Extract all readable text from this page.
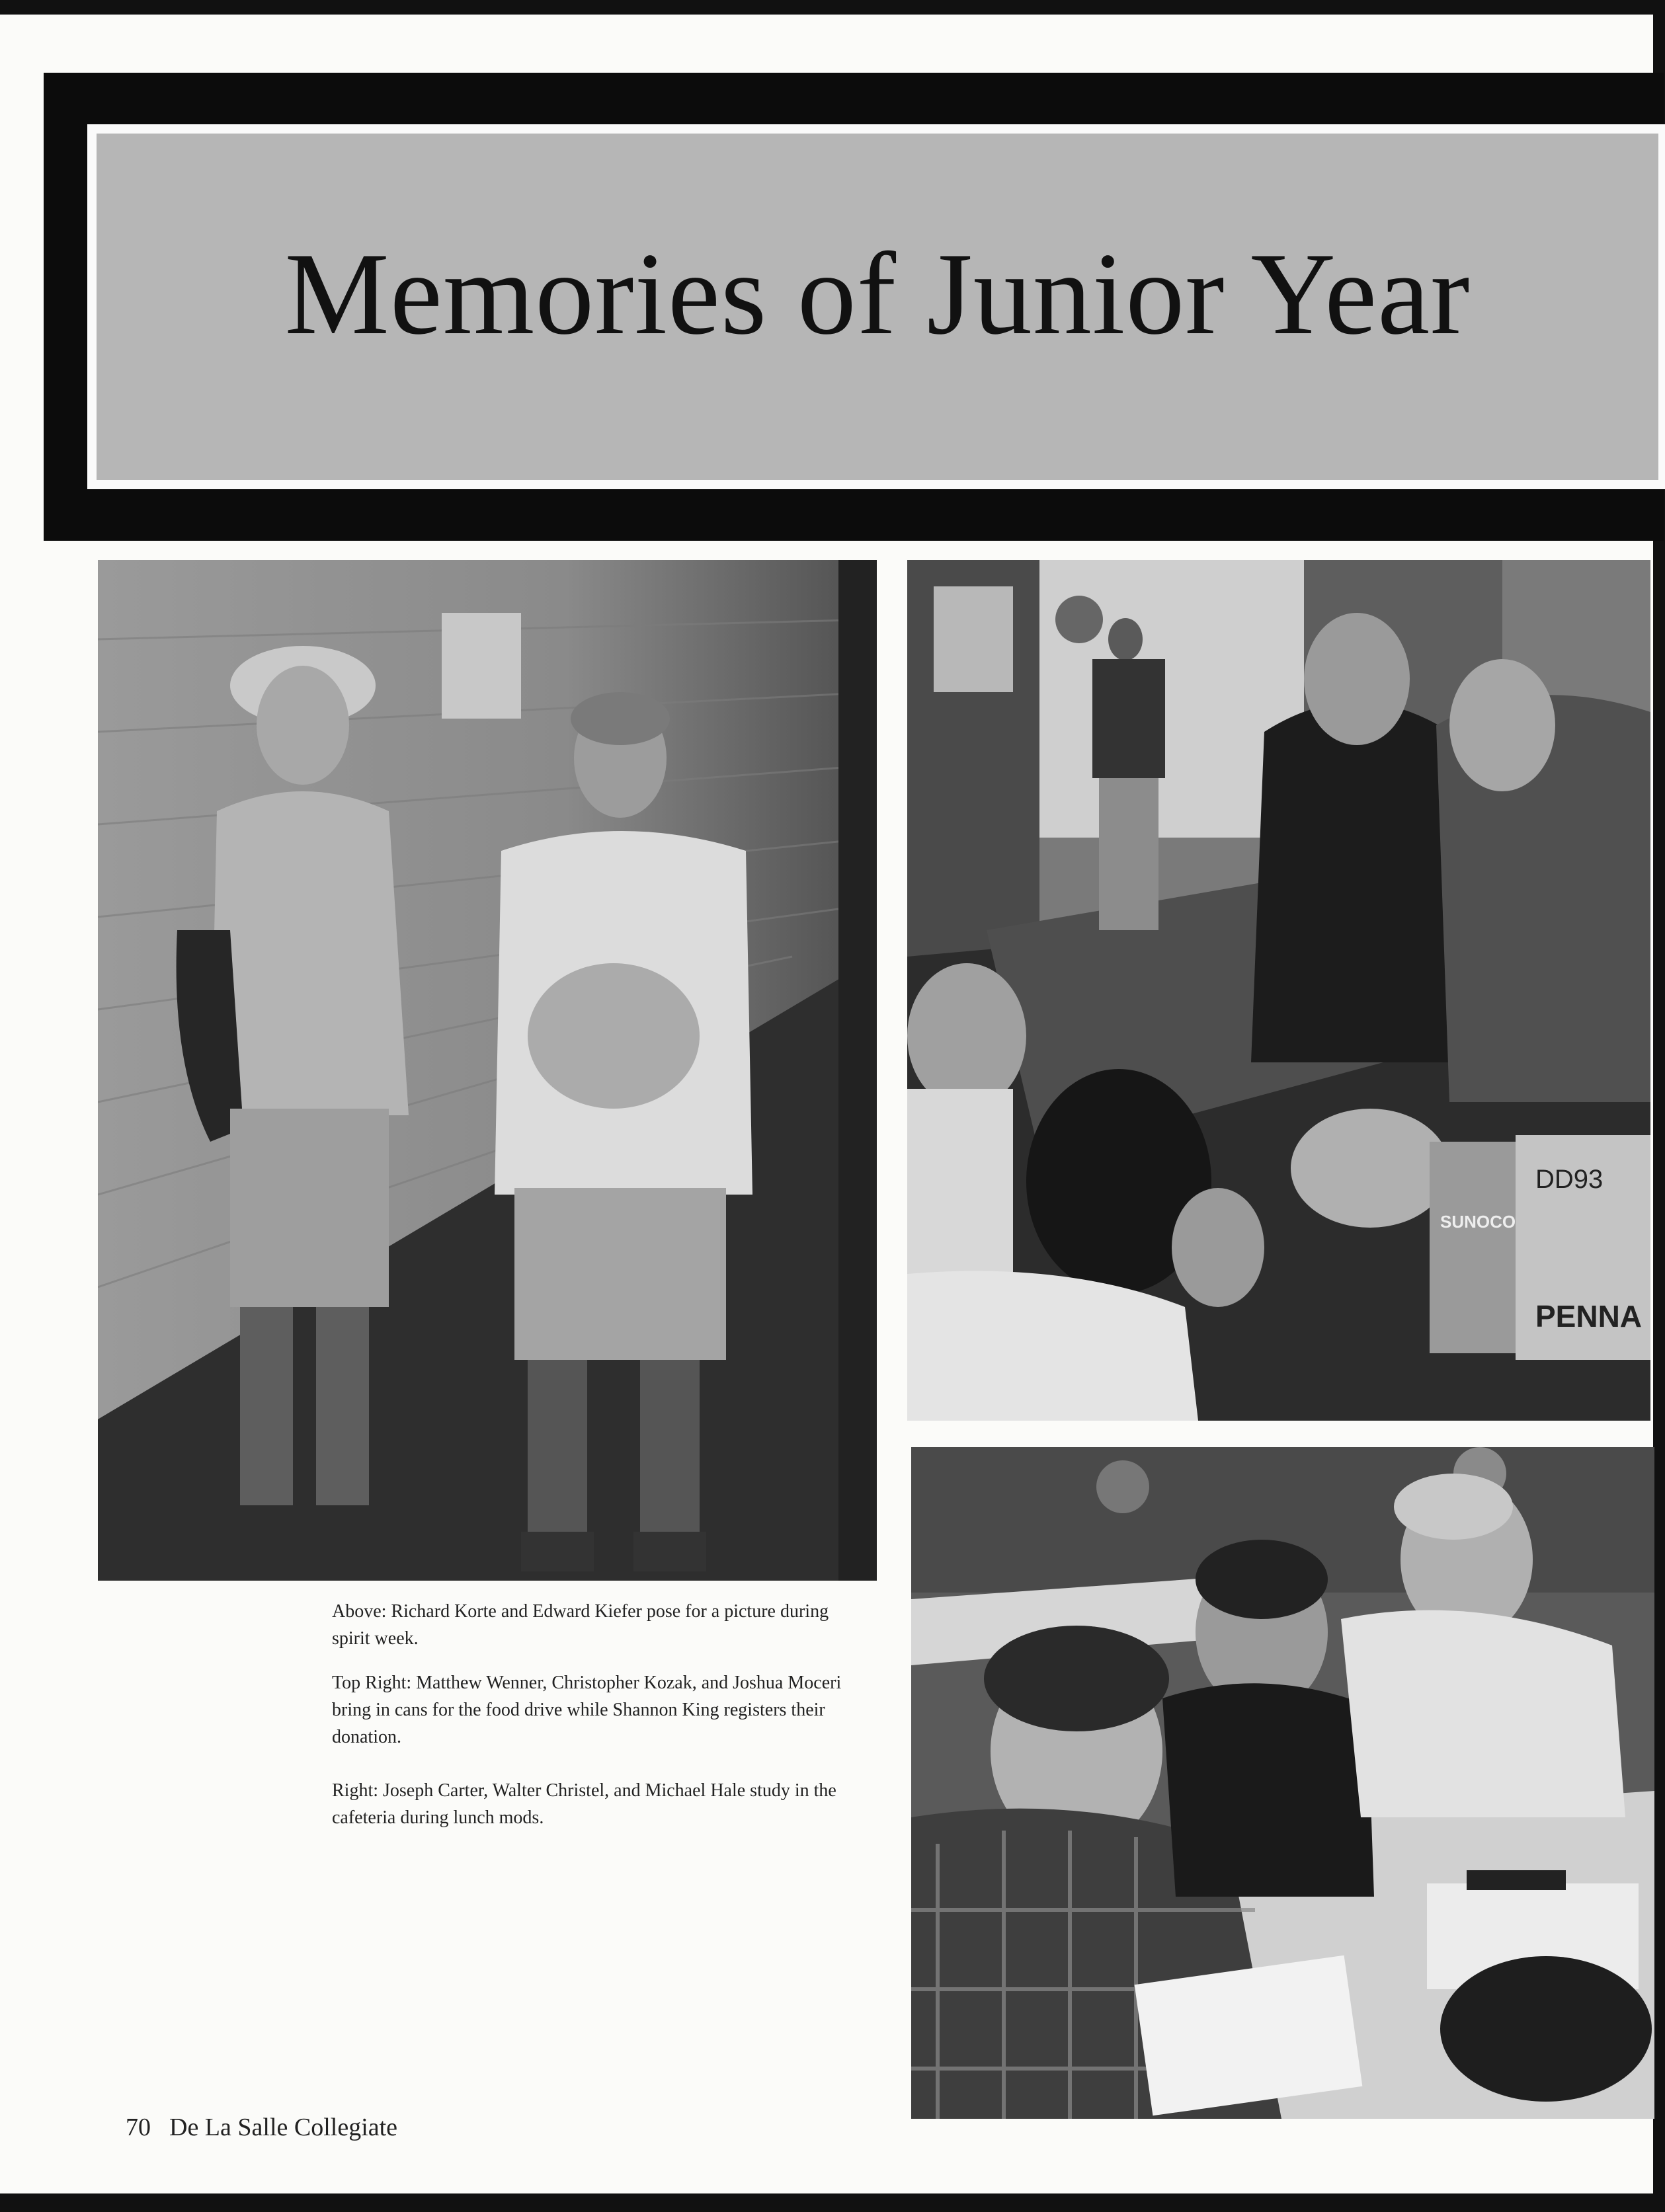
Memories of Junior Year
DD93
PENNA
SUNOCO

Above: Richard Korte and Edward Kiefer pose for a picture during spirit week.

Top Right: Matthew Wenner, Christopher Kozak, and Joshua Moceri bring in cans for the food drive while Shannon King registers their donation.

Right: Joseph Carter, Walter Christel, and Michael Hale study in the cafeteria during lunch mods.

70 De La Salle Collegiate
